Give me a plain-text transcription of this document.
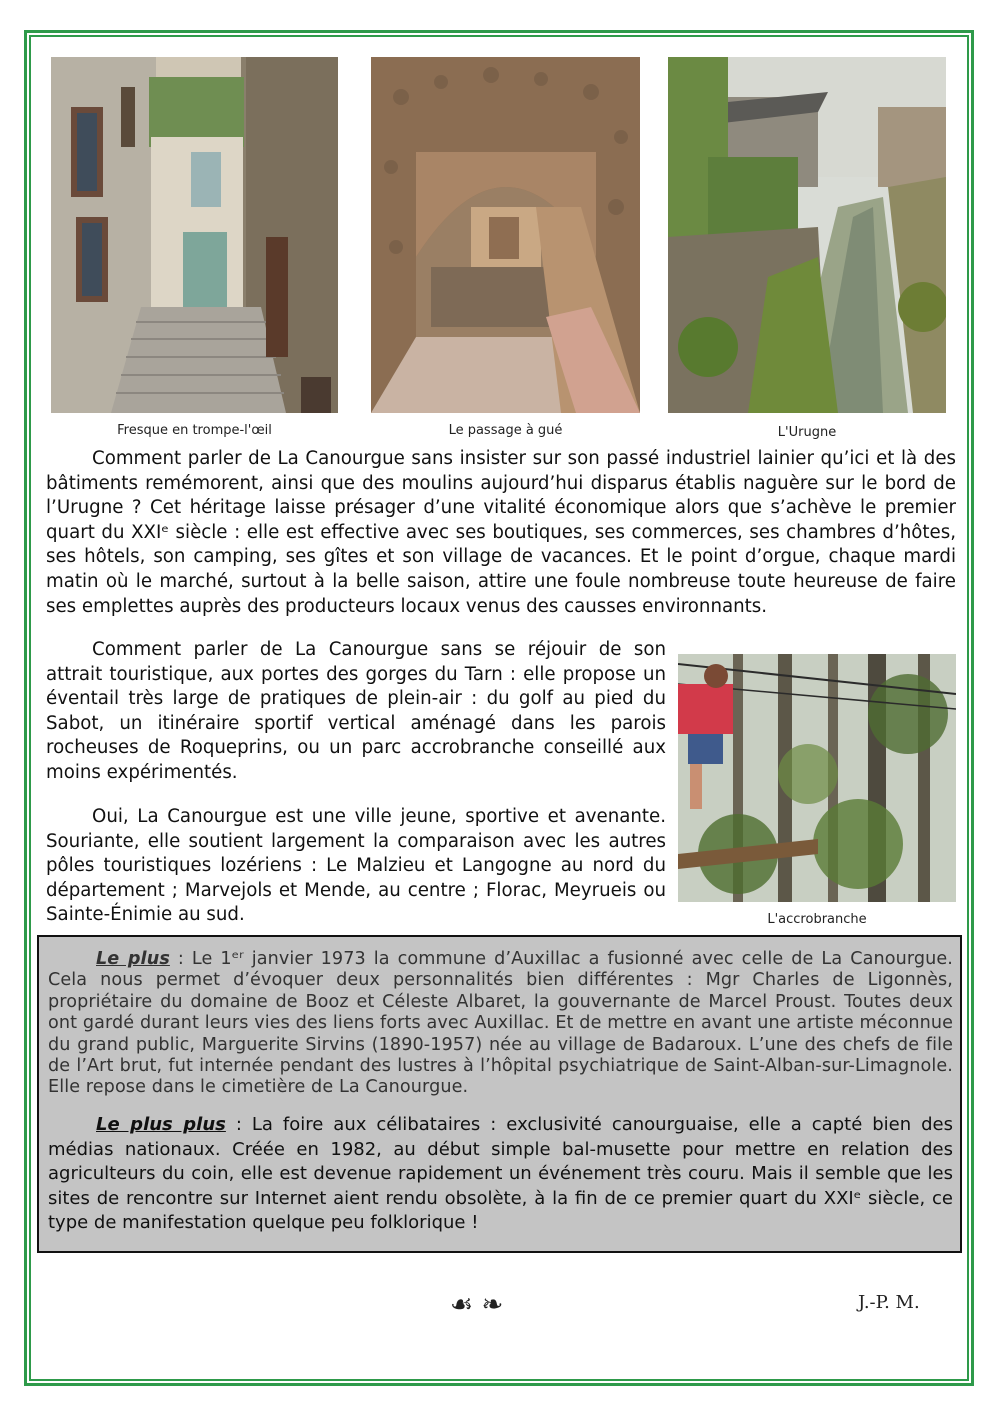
Fresque en trompe-l'œil	Le passage à gué	L'Urugne

Comment parler de La Canourgue sans insister sur son passé industriel lainier qu’ici et là des bâtiments remémorent, ainsi que des moulins aujourd’hui disparus établis naguère sur le bord de l’Urugne ? Cet héritage laisse présager d’une vitalité économique alors que s’achève le premier quart du XXIᵉ siècle : elle est effective avec ses boutiques, ses commerces, ses chambres d’hôtes, ses hôtels, son camping, ses gîtes et son village de vacances. Et le point d’orgue, chaque mardi matin où le marché, surtout à la belle saison, attire une foule nombreuse toute heureuse de faire ses emplettes auprès des producteurs locaux venus des causses environnants.

Comment parler de La Canourgue sans se réjouir de son attrait touristique, aux portes des gorges du Tarn : elle propose un éventail très large de pratiques de plein-air : du golf au pied du Sabot, un itinéraire sportif vertical aménagé dans les parois rocheuses de Roqueprins, ou un parc accrobranche conseillé aux moins expérimentés.

Oui, La Canourgue est une ville jeune, sportive et avenante. Souriante, elle soutient largement la comparaison avec les autres pôles touristiques lozériens : Le Malzieu et Langogne au nord du département ; Marvejols et Mende, au centre ; Florac, Meyrueis ou Sainte-Énimie au sud.	L'accrobranche

Le plus : Le 1ᵉʳ janvier 1973 la commune d’Auxillac a fusionné avec celle de La Canourgue. Cela nous permet d’évoquer deux personnalités bien différentes : Mgr Charles de Ligonnès, propriétaire du domaine de Booz et Céleste Albaret, la gouvernante de Marcel Proust. Toutes deux ont gardé durant leurs vies des liens forts avec Auxillac. Et de mettre en avant une artiste méconnue du grand public, Marguerite Sirvins (1890-1957) née au village de Badaroux. L’une des chefs de file de l’Art brut, fut internée pendant des lustres à l’hôpital psychiatrique de Saint-Alban-sur-Limagnole. Elle repose dans le cimetière de La Canourgue.

Le plus plus : La foire aux célibataires : exclusivité canourguaise, elle a capté bien des médias nationaux. Créée en 1982, au début simple bal-musette pour mettre en relation des agriculteurs du coin, elle est devenue rapidement un événement très couru. Mais il semble que les sites de rencontre sur Internet aient rendu obsolète, à la fin de ce premier quart du XXIᵉ siècle, ce type de manifestation quelque peu folklorique !

☙ ❧	J.-P. M.
